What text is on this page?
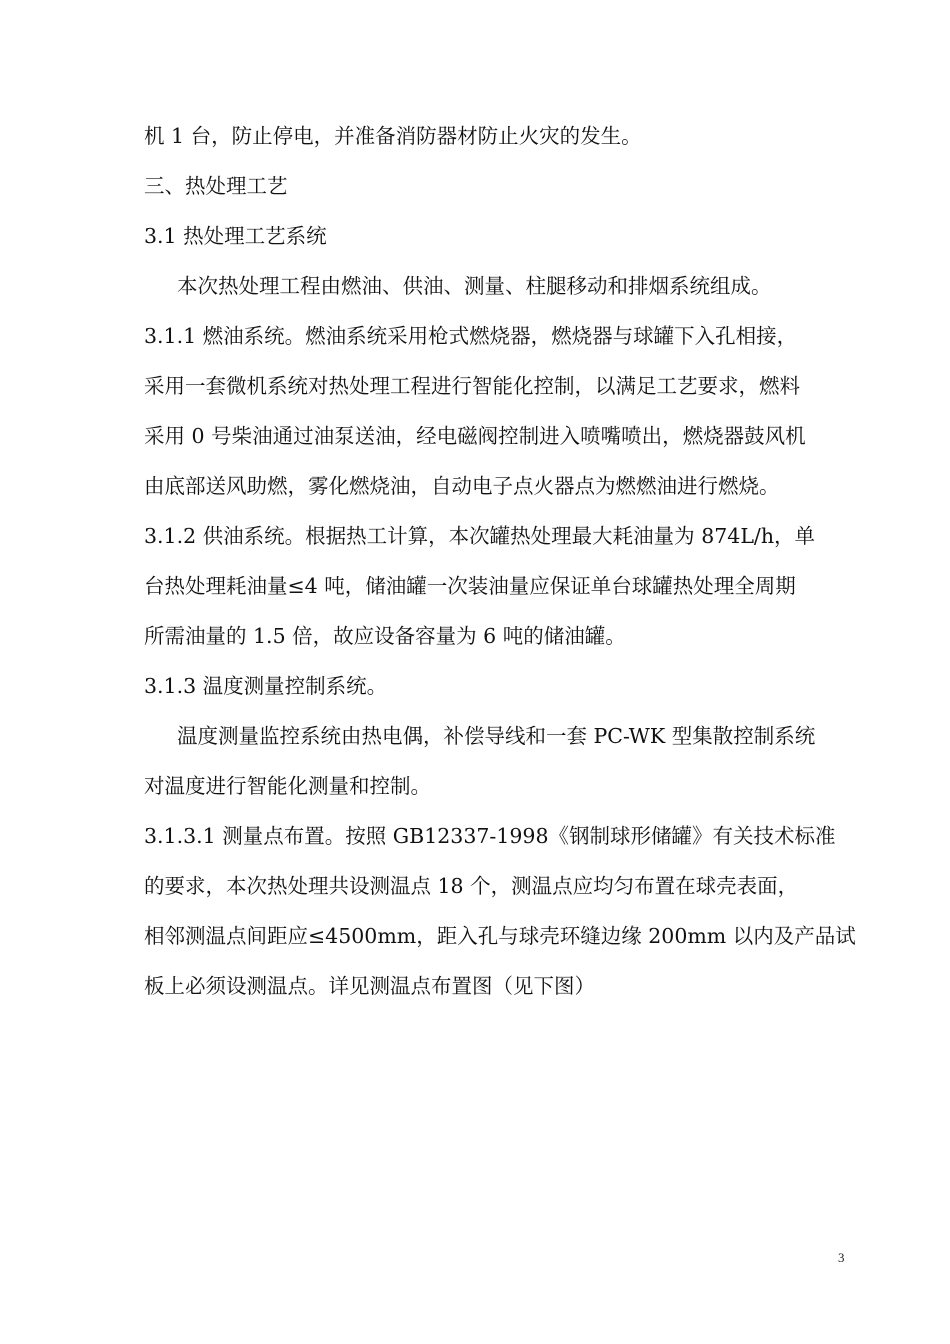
机 1 台，防止停电，并准备消防器材防止火灾的发生。
三、热处理工艺
3.1 热处理工艺系统
本次热处理工程由燃油、供油、测量、柱腿移动和排烟系统组成。
3.1.1 燃油系统。燃油系统采用枪式燃烧器，燃烧器与球罐下入孔相接，
采用一套微机系统对热处理工程进行智能化控制，以满足工艺要求，燃料
采用 0 号柴油通过油泵送油，经电磁阀控制进入喷嘴喷出，燃烧器鼓风机
由底部送风助燃，雾化燃烧油，自动电子点火器点为燃燃油进行燃烧。
3.1.2 供油系统。根据热工计算，本次罐热处理最大耗油量为 874L/h，单
台热处理耗油量≤4 吨，储油罐一次装油量应保证单台球罐热处理全周期
所需油量的 1.5 倍，故应设备容量为 6 吨的储油罐。
3.1.3 温度测量控制系统。
温度测量监控系统由热电偶，补偿导线和一套 PC-WK 型集散控制系统
对温度进行智能化测量和控制。
3.1.3.1 测量点布置。按照 GB12337-1998《钢制球形储罐》有关技术标准
的要求，本次热处理共设测温点 18 个，测温点应均匀布置在球壳表面，
相邻测温点间距应≤4500mm，距入孔与球壳环缝边缘 200mm 以内及产品试
板上必须设测温点。详见测温点布置图（见下图）
3
